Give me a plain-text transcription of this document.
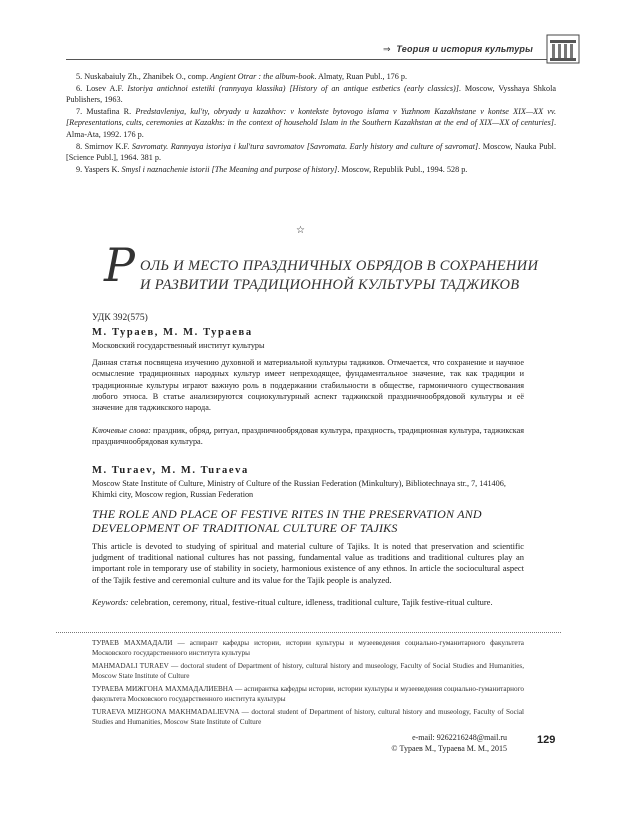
⇒ Теория и история культуры

5. Nuskabaiuly Zh., Zhanibek O., comp. Angient Otrar : the album-book. Almaty, Ruan Publ., 176 p.

6. Losev A.F. Istoriya antichnoi estetiki (rannyaya klassika) [History of an antique estbetics (early classics)]. Moscow, Vysshaya Shkola Publishers, 1963.

7. Mustafina R. Predstavleniya, kul'ty, obryady u kazakhov: v kontekste bytovogo islama v Yuzhnom Kazakhstane v kontse XIX—XX vv. [Representations, cults, ceremonies at Kazakhs: in the context of household Islam in the Southern Kazakhstan at the end of XIX—XX of centuries]. Alma-Ata, 1992. 176 p.

8. Smirnov K.F. Savromaty. Rannyaya istoriya i kul'tura savromatov [Savromata. Early history and culture of savromat]. Moscow, Nauka Publ. [Science Publ.], 1964. 381 p.

9. Yaspers K. Smysl i naznachenie istorii [The Meaning and purpose of history]. Moscow, Republik Publ., 1994. 528 p.

☆
Р ОЛЬ И МЕСТО ПРАЗДНИЧНЫХ ОБРЯДОВ В СОХРАНЕНИИ
И РАЗВИТИИ ТРАДИЦИОННОЙ КУЛЬТУРЫ ТАДЖИКОВ
УДК 392(575)
М. Тураев, М. М. Тураева
Московский государственный институт культуры
Данная статья посвящена изучению духовной и материальной культуры таджиков. Отмечается, что сохранение и научное осмысление традиционных народных культур имеет непреходящее, фундаментальное значение, так как традиции и традиционные культуры играют важную роль в поддержании стабильности в обществе, гармоничного существования любого этноса. В статье анализируются социокультурный аспект таджикской праздничнообрядовой культуры и её значение для таджикского народа.
Ключевые слова: праздник, обряд, ритуал, праздничнообрядовая культура, праздность, традиционная культура, таджикская праздничнообрядовая культура.
M. Turaev, M. M. Turaeva
Moscow State Institute of Culture, Ministry of Culture of the Russian Federation (Minkultury), Bibliotechnaya str., 7, 141406, Khimki city, Moscow region, Russian Federation
THE ROLE AND PLACE OF FESTIVE RITES IN THE PRESERVATION AND DEVELOPMENT OF TRADITIONAL CULTURE OF TAJIKS
This article is devoted to studying of spiritual and material culture of Tajiks. It is noted that preservation and scientific judgment of traditional national cultures has not passing, fundamental value as traditions and traditional cultures play an important role in temporary use of stability in society, harmonious existence of any ethnos. In article the sociocultural aspect of the Tajik festive and ceremonial culture and its value for the Tajik people is analyzed.
Keywords: celebration, ceremony, ritual, festive-ritual culture, idleness, traditional culture, Tajik festive-ritual culture.

ТУРАЕВ МАХМАДАЛИ — аспирант кафедры истории, истории культуры и музееведения социально-гуманитарного факультета Московского государственного института культуры

MAHMADALI TURAEV — doctoral student of Department of history, cultural history and museology, Faculty of Social Studies and Humanities, Moscow State Institute of Culture

ТУРАЕВА МИЖГОНА МАХМАДАЛИЕВНА — аспирантка кафедры истории, истории культуры и музееведения социально-гуманитарного факультета Московского государственного института культуры

TURAEVA MIZHGONA MAKHMADALIEVNA — doctoral student of Department of history, cultural history and museology, Faculty of Social Studies and Humanities, Moscow State Institute of Culture

e-mail: 9262216248@mail.ru
© Тураев М., Тураева М. М., 2015
129
